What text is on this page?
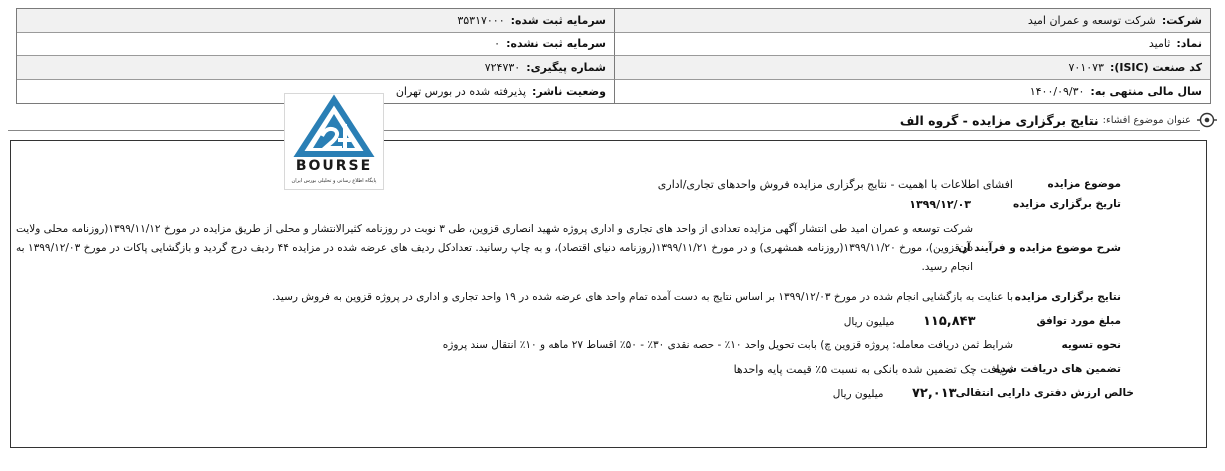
شرکت:
شرکت توسعه و عمران امید
سرمایه ثبت شده:
۳۵۳۱۷۰۰۰
نماد:
ثامید
سرمایه ثبت نشده:
۰
کد صنعت (ISIC):
۷۰۱۰۷۳
شماره پیگیری:
۷۲۴۷۳۰
سال مالی منتهی به:
۱۴۰۰/۰۹/۳۰
وضعیت ناشر:
پذیرفته شده در بورس تهران
BOURSE
پایگاه اطلاع رسانی و تحلیلی بورس ایران
عنوان موضوع افشاء:
نتایج برگزاری مزایده - گروه الف
موضوع مزایده
افشای اطلاعات با اهمیت - نتایج برگزاری مزایده فروش واحدهای تجاری/اداری
تاریخ برگزاری مزایده
۱۳۹۹/۱۲/۰۳
شرح موضوع مزایده و فرآیند آن
شرکت توسعه و عمران امید طی انتشار آگهی مزایده تعدادی از واحد های تجاری و اداری پروژه شهید انصاری قزوین، طی ۳ نوبت در روزنامه کثیرالانتشار و محلی از طریق مزایده در مورخ ۱۳۹۹/۱۱/۱۲(روزنامه محلی ولایت در قزوین)، مورخ ۱۳۹۹/۱۱/۲۰(روزنامه همشهری) و در مورخ ۱۳۹۹/۱۱/۲۱(روزنامه دنیای اقتصاد)، و به چاپ رسانید. تعدادکل ردیف های عرضه شده در مزایده ۴۴ ردیف درج گردید و بازگشایی پاکات در مورخ ۱۳۹۹/۱۲/۰۳ به انجام رسید.
نتایج برگزاری مزایده
با عنایت به بازگشایی انجام شده در مورخ ۱۳۹۹/۱۲/۰۳ بر اساس نتایج به دست آمده تمام واحد های عرضه شده در ۱۹ واحد تجاری و اداری در پروژه قزوین به فروش رسید.
مبلغ مورد توافق
۱۱۵,۸۴۳ میلیون ریال
نحوه تسویه
شرایط ثمن دریافت معامله: پروژه قزوین چ) بابت تحویل واحد ۱۰٪ - حصه نقدی ۳۰٪ - ۵۰٪ اقساط ۲۷ ماهه و ۱۰٪ انتقال سند پروژه
تضمین های دریافت شده
دریافت چک تضمین شده بانکی به نسبت ۵٪ قیمت پایه واحدها
خالص ارزش دفتری دارایی انتقالی
۷۲,۰۱۳ میلیون ریال
